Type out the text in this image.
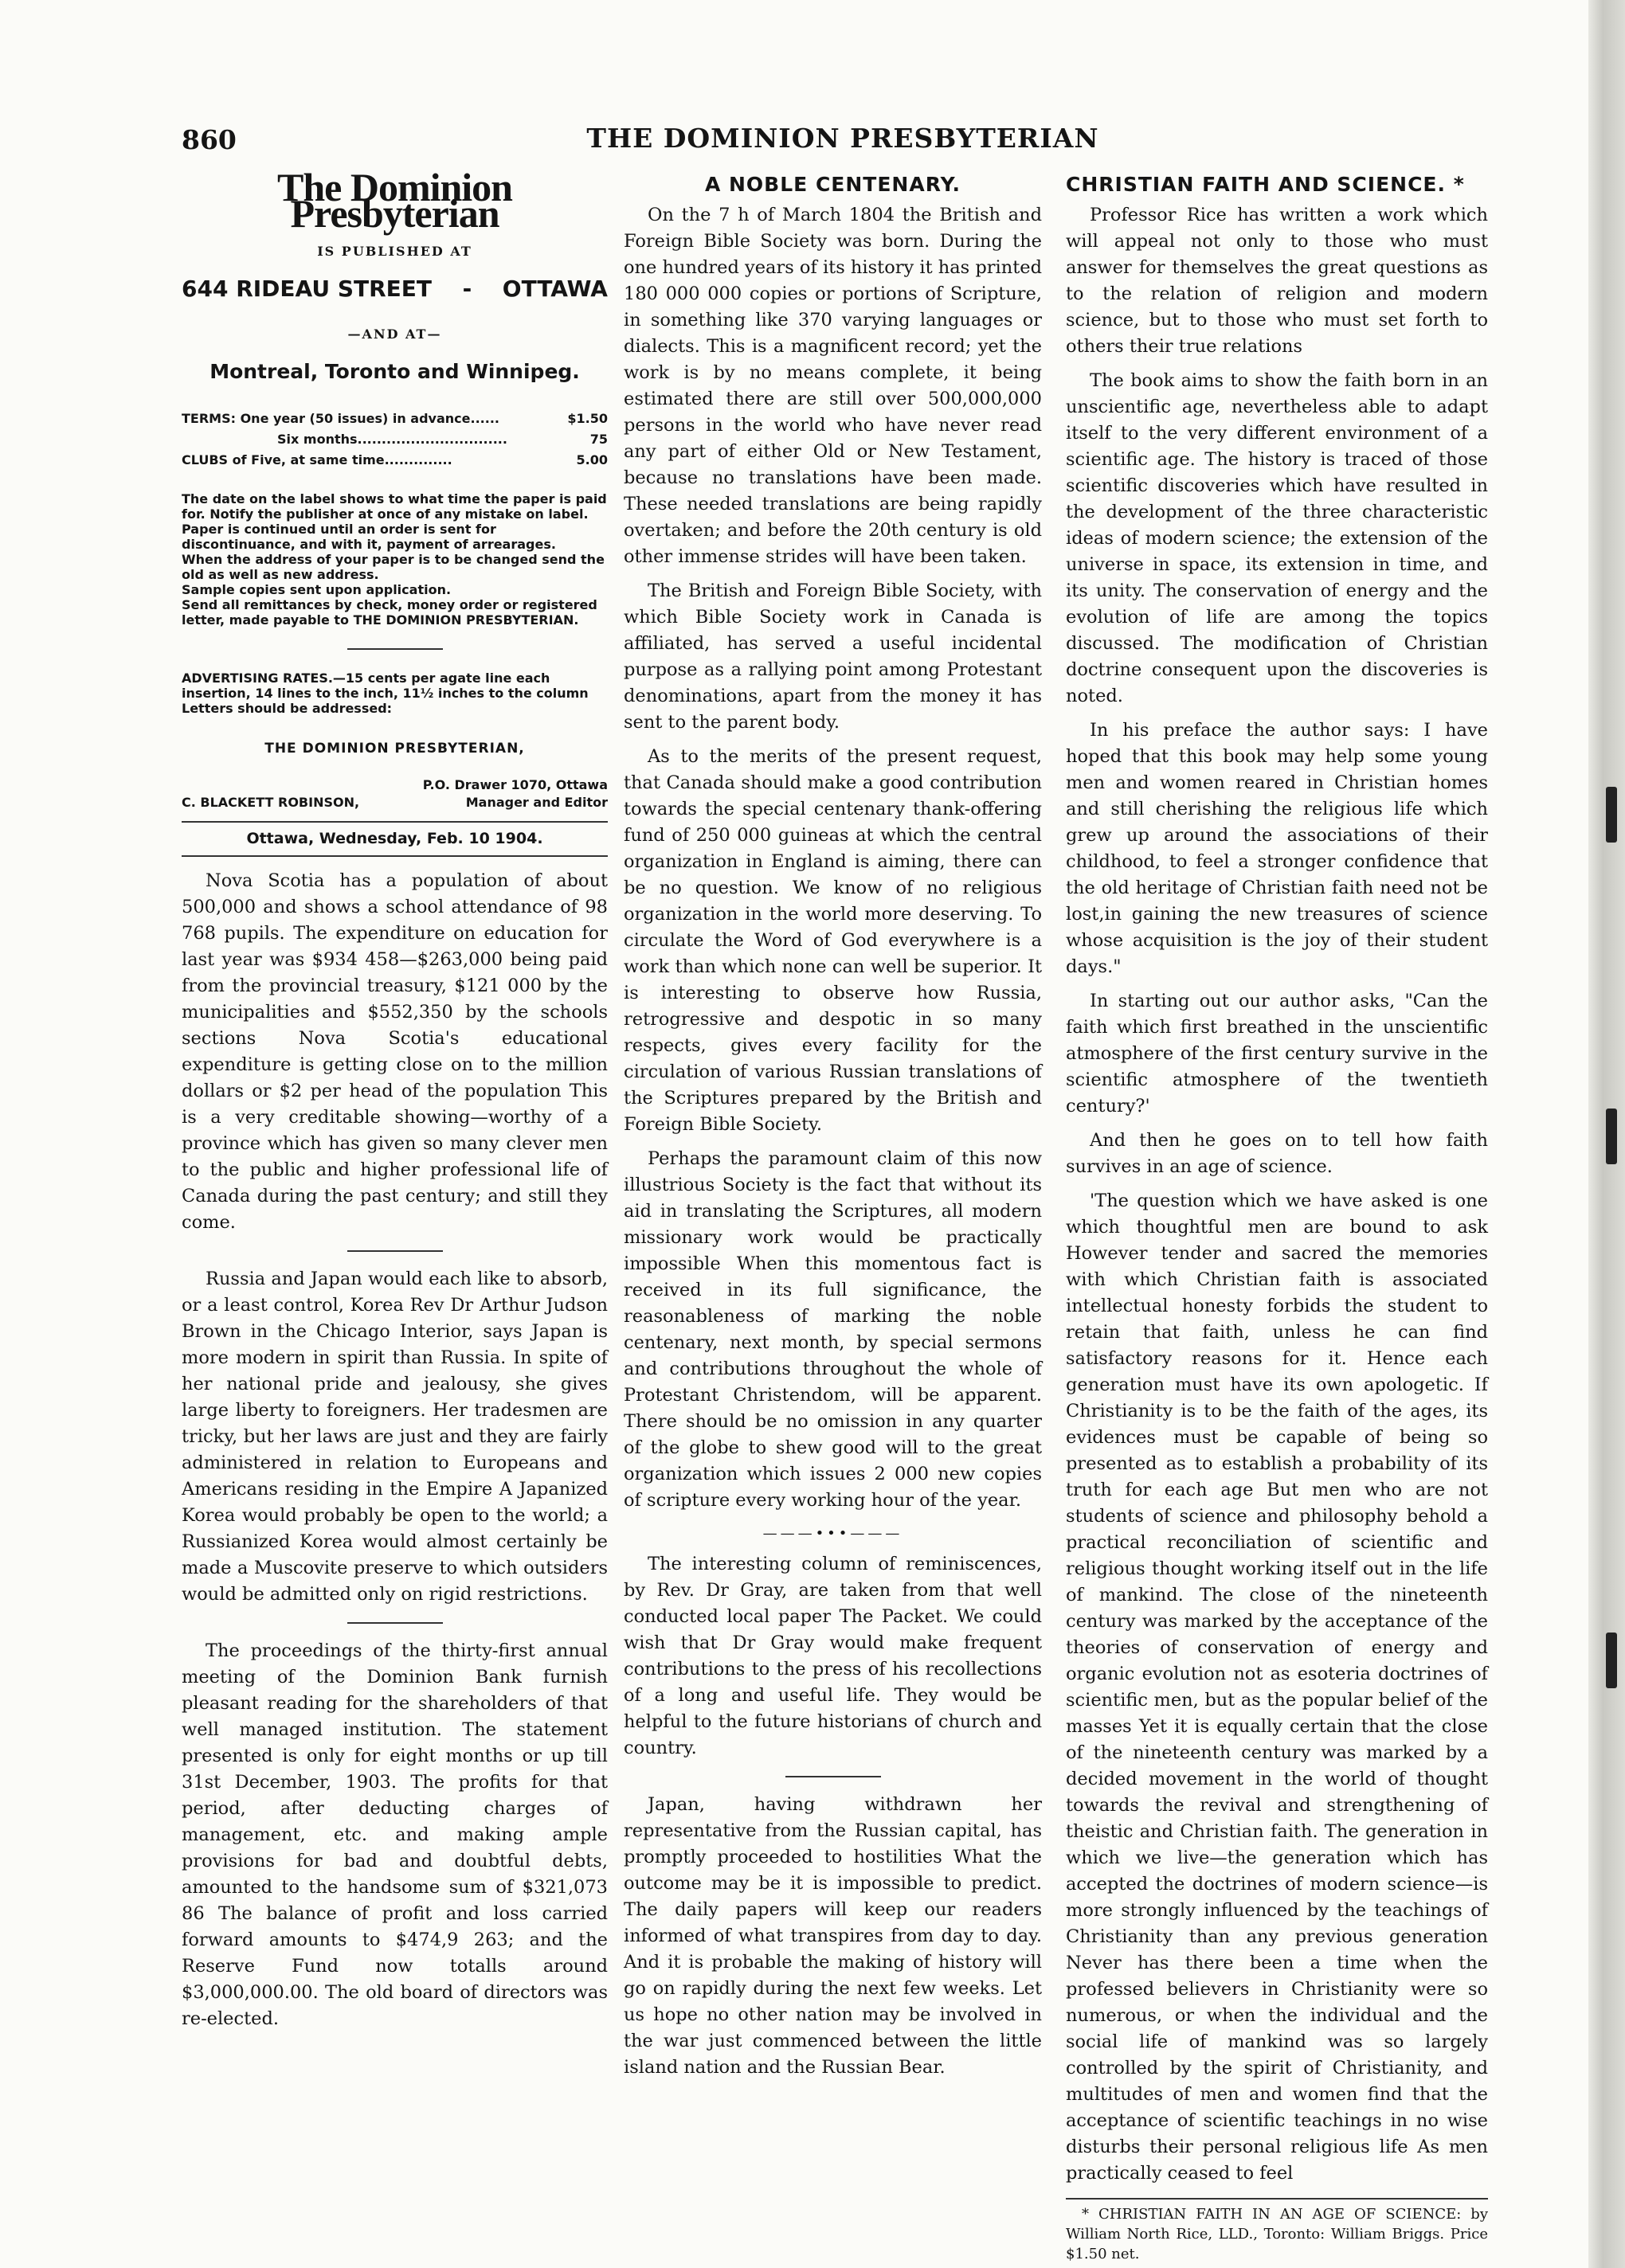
860	THE DOMINION PRESBYTERIAN
The Dominion Presbyterian
IS PUBLISHED AT
644 RIDEAU STREET - OTTAWA
—AND AT—
Montreal, Toronto and Winnipeg.
TERMS: One year (50 issues) in advance......	$1.50
Six months...............................	75
CLUBS of Five, at same time..............	5.00

The date on the label shows to what time the paper is paid for. Notify the publisher at once of any mistake on label.

Paper is continued until an order is sent for discontinuance, and with it, payment of arrearages.

When the address of your paper is to be changed send the old as well as new address.

Sample copies sent upon application.

Send all remittances by check, money order or registered letter, made payable to THE DOMINION PRESBYTERIAN.

ADVERTISING RATES.—15 cents per agate line each insertion, 14 lines to the inch, 11½ inches to the column

Letters should be addressed:

THE DOMINION PRESBYTERIAN,
P.O. Drawer 1070, Ottawa
C. BLACKETT ROBINSON,	Manager and Editor
Ottawa, Wednesday, Feb. 10 1904.

Nova Scotia has a population of about 500,000 and shows a school attendance of 98 768 pupils. The expenditure on education for last year was $934 458—$263,000 being paid from the provincial treasury, $121 000 by the municipalities and $552,350 by the schools sections Nova Scotia's educational expenditure is getting close on to the million dollars or $2 per head of the population This is a very creditable showing—worthy of a province which has given so many clever men to the public and higher professional life of Canada during the past century; and still they come.

Russia and Japan would each like to absorb, or a least control, Korea Rev Dr Arthur Judson Brown in the Chicago Interior, says Japan is more modern in spirit than Russia. In spite of her national pride and jealousy, she gives large liberty to foreigners. Her tradesmen are tricky, but her laws are just and they are fairly administered in relation to Europeans and Americans residing in the Empire A Japanized Korea would probably be open to the world; a Russianized Korea would almost certainly be made a Muscovite preserve to which outsiders would be admitted only on rigid restrictions.

The proceedings of the thirty-first annual meeting of the Dominion Bank furnish pleasant reading for the shareholders of that well managed institution. The statement presented is only for eight months or up till 31st December, 1903. The profits for that period, after deducting charges of management, etc. and making ample provisions for bad and doubtful debts, amounted to the handsome sum of $321,073 86 The balance of profit and loss carried forward amounts to $474,9 263; and the Reserve Fund now totalls around $3,000,000.00. The old board of directors was re-elected.

A NOBLE CENTENARY.

On the 7 h of March 1804 the British and Foreign Bible Society was born. During the one hundred years of its history it has printed 180 000 000 copies or portions of Scripture, in something like 370 varying languages or dialects. This is a magnificent record; yet the work is by no means complete, it being estimated there are still over 500,000,000 persons in the world who have never read any part of either Old or New Testament, because no translations have been made. These needed translations are being rapidly overtaken; and before the 20th century is old other immense strides will have been taken.

The British and Foreign Bible Society, with which Bible Society work in Canada is affiliated, has served a useful incidental purpose as a rallying point among Protestant denominations, apart from the money it has sent to the parent body.

As to the merits of the present request, that Canada should make a good contribution towards the special centenary thank-offering fund of 250 000 guineas at which the central organization in England is aiming, there can be no question. We know of no religious organization in the world more deserving. To circulate the Word of God everywhere is a work than which none can well be superior. It is interesting to observe how Russia, retrogressive and despotic in so many respects, gives every facility for the circulation of various Russian translations of the Scriptures prepared by the British and Foreign Bible Society.

Perhaps the paramount claim of this now illustrious Society is the fact that without its aid in translating the Scriptures, all modern missionary work would be practically impossible When this momentous fact is received in its full significance, the reasonableness of marking the noble centenary, next month, by special sermons and contributions throughout the whole of Protestant Christendom, will be apparent. There should be no omission in any quarter of the globe to shew good will to the great organization which issues 2 000 new copies of scripture every working hour of the year.

———•••———

The interesting column of reminiscences, by Rev. Dr Gray, are taken from that well conducted local paper The Packet. We could wish that Dr Gray would make frequent contributions to the press of his recollections of a long and useful life. They would be helpful to the future historians of church and country.

Japan, having withdrawn her representative from the Russian capital, has promptly proceeded to hostilities What the outcome may be it is impossible to predict. The daily papers will keep our readers informed of what transpires from day to day. And it is probable the making of history will go on rapidly during the next few weeks. Let us hope no other nation may be involved in the war just commenced between the little island nation and the Russian Bear.

CHRISTIAN FAITH AND SCIENCE. *

Professor Rice has written a work which will appeal not only to those who must answer for themselves the great questions as to the relation of religion and modern science, but to those who must set forth to others their true relations

The book aims to show the faith born in an unscientific age, nevertheless able to adapt itself to the very different environment of a scientific age. The history is traced of those scientific discoveries which have resulted in the development of the three characteristic ideas of modern science; the extension of the universe in space, its extension in time, and its unity. The conservation of energy and the evolution of life are among the topics discussed. The modification of Christian doctrine consequent upon the discoveries is noted.

In his preface the author says: I have hoped that this book may help some young men and women reared in Christian homes and still cherishing the religious life which grew up around the associations of their childhood, to feel a stronger confidence that the old heritage of Christian faith need not be lost,in gaining the new treasures of science whose acquisition is the joy of their student days."

In starting out our author asks, "Can the faith which first breathed in the unscientific atmosphere of the first century survive in the scientific atmosphere of the twentieth century?'

And then he goes on to tell how faith survives in an age of science.

'The question which we have asked is one which thoughtful men are bound to ask However tender and sacred the memories with which Christian faith is associated intellectual honesty forbids the student to retain that faith, unless he can find satisfactory reasons for it. Hence each generation must have its own apologetic. If Christianity is to be the faith of the ages, its evidences must be capable of being so presented as to establish a probability of its truth for each age But men who are not students of science and philosophy behold a practical reconciliation of scientific and religious thought working itself out in the life of mankind. The close of the nineteenth century was marked by the acceptance of the theories of conservation of energy and organic evolution not as esoteria doctrines of scientific men, but as the popular belief of the masses Yet it is equally certain that the close of the nineteenth century was marked by a decided movement in the world of thought towards the revival and strengthening of theistic and Christian faith. The generation in which we live—the generation which has accepted the doctrines of modern science—is more strongly influenced by the teachings of Christianity than any previous generation Never has there been a time when the professed believers in Christianity were so numerous, or when the individual and the social life of mankind was so largely controlled by the spirit of Christianity, and multitudes of men and women find that the acceptance of scientific teachings in no wise disturbs their personal religious life As men practically ceased to feel

* CHRISTIAN FAITH IN AN AGE OF SCIENCE: by William North Rice, LLD., Toronto: William Briggs. Price $1.50 net.
